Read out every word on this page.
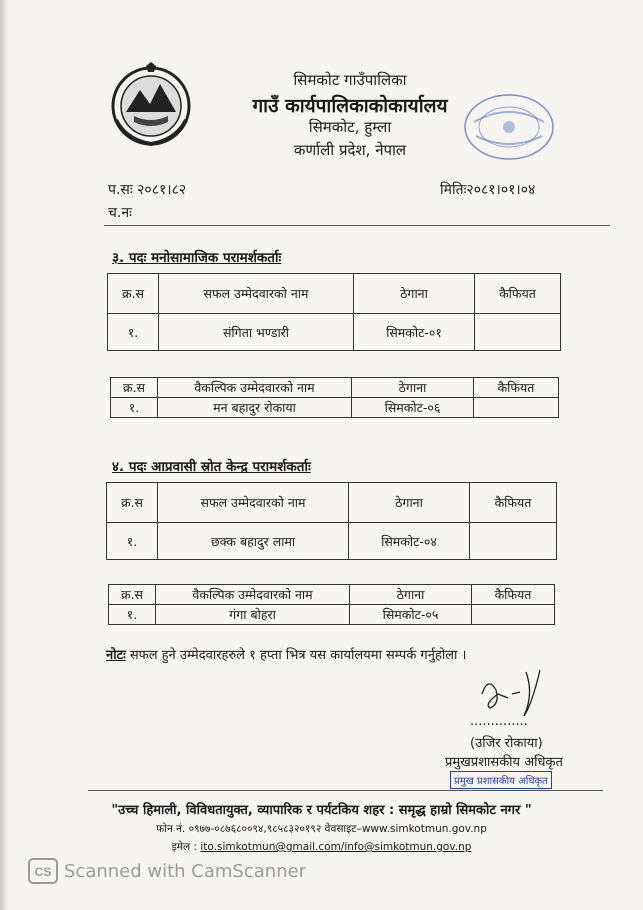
सिमकोट गाउँपालिका
गाउँ कार्यपालिकाकोकार्यालय
सिमकोट, हुम्ला
कर्णाली प्रदेश, नेपाल
प.सः २०८१।८२
च.नः
मितिः२०८१।०१।०४
३. पदः मनोसामाजिक परामर्शकर्ताः
क्र.स	सफल उम्मेदवारको नाम	ठेगाना	कैफियत
१.	संगिता भण्डारी	सिमकोट-०१	
क्र.स	वैकल्पिक उम्मेदवारको नाम	ठेगाना	कैफियत
१.	मन बहादुर रोकाया	सिमकोट-०६	
४. पदः आप्रवासी स्रोत केन्द्र परामर्शकर्ताः
क्र.स	सफल उम्मेदवारको नाम	ठेगाना	कैफियत
१.	छक्क बहादुर लामा	सिमकोट-०४	
क्र.स	वैकल्पिक उम्मेदवारको नाम	ठेगाना	कैफियत
१.	गंगा बोहरा	सिमकोट-०५	
नोटः सफल हुने उम्मेदवारहरुले १ हप्ता भित्र यस कार्यालयमा सम्पर्क गर्नुहोला ।
..............
(उजिर रोकाया)
प्रमुखप्रशासकीय अधिकृत
प्रमुख प्रशासकीय अधिकृत
"उच्च हिमाली, विविधतायुक्त, व्यापारिक र पर्यटकिय शहर : समृद्ध हाम्रो सिमकोट नगर "
फोन नं. ०९७७-०८७६८००९४,९८५८३२०१९२ वेवसाइट–www.simkotmun.gov.np
इमेल : ito.simkotmun@gmail.com/info@simkotmun.gov.np
CS Scanned with CamScanner
